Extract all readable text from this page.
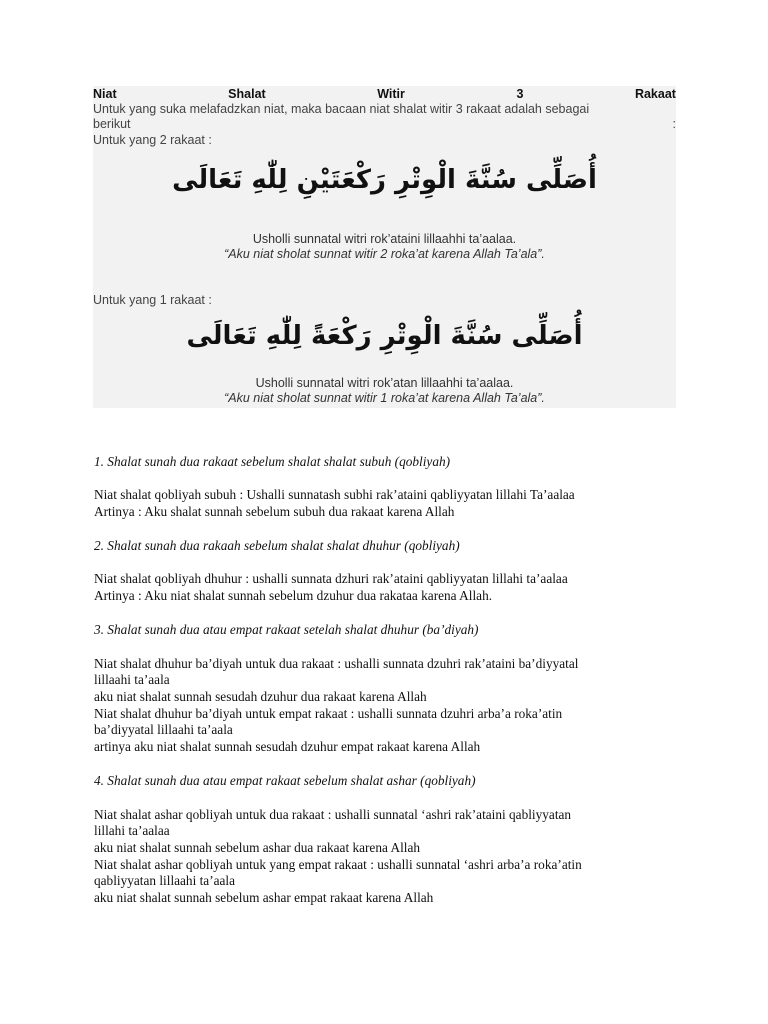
Niat	Shalat	Witir	3	Rakaat
Untuk yang suka melafadzkan niat, maka bacaan niat shalat witir 3 rakaat adalah sebagai
berikut	:
Untuk yang 2 rakaat :
أُصَلِّى سُنَّةَ الْوِتْرِ رَكْعَتَيْنِ لِلّٰهِ تَعَالَى
Usholli sunnatal witri rok’ataini lillaahhi ta’aalaa.
“Aku niat sholat sunnat witir 2 roka’at karena Allah Ta’ala”.
Untuk yang 1 rakaat :
أُصَلِّى سُنَّةَ الْوِتْرِ رَكْعَةً لِلّٰهِ تَعَالَى
Usholli sunnatal witri rok’atan lillaahhi ta’aalaa.
“Aku niat sholat sunnat witir 1 roka’at karena Allah Ta’ala”.
1. Shalat sunah dua rakaat sebelum shalat shalat subuh (qobliyah)
Niat shalat qobliyah subuh : Ushalli sunnatash subhi rak’ataini qabliyyatan lillahi Ta’aalaa
Artinya : Aku shalat sunnah sebelum subuh dua rakaat karena Allah
2. Shalat sunah dua rakaah sebelum shalat shalat dhuhur (qobliyah)
Niat shalat qobliyah dhuhur : ushalli sunnata dzhuri rak’ataini qabliyyatan lillahi ta’aalaa
Artinya : Aku niat shalat sunnah sebelum dzuhur dua rakataa karena Allah.
3. Shalat sunah dua atau empat rakaat setelah shalat dhuhur (ba’diyah)
Niat shalat dhuhur ba’diyah untuk dua rakaat : ushalli sunnata dzuhri rak’ataini ba’diyyatal
lillaahi ta’aala
aku niat shalat sunnah sesudah dzuhur dua rakaat karena Allah
Niat shalat dhuhur ba’diyah untuk empat rakaat : ushalli sunnata dzuhri arba’a roka’atin
ba’diyyatal lillaahi ta’aala
artinya aku niat shalat sunnah sesudah dzuhur empat rakaat karena Allah
4. Shalat sunah dua atau empat rakaat sebelum shalat ashar (qobliyah)
Niat shalat ashar qobliyah untuk dua rakaat : ushalli sunnatal ‘ashri rak’ataini qabliyyatan
lillahi ta’aalaa
aku niat shalat sunnah sebelum ashar dua rakaat karena Allah
Niat shalat ashar qobliyah untuk yang empat rakaat : ushalli sunnatal ‘ashri arba’a roka’atin
qabliyyatan lillaahi ta’aala
aku niat shalat sunnah sebelum ashar empat rakaat karena Allah
